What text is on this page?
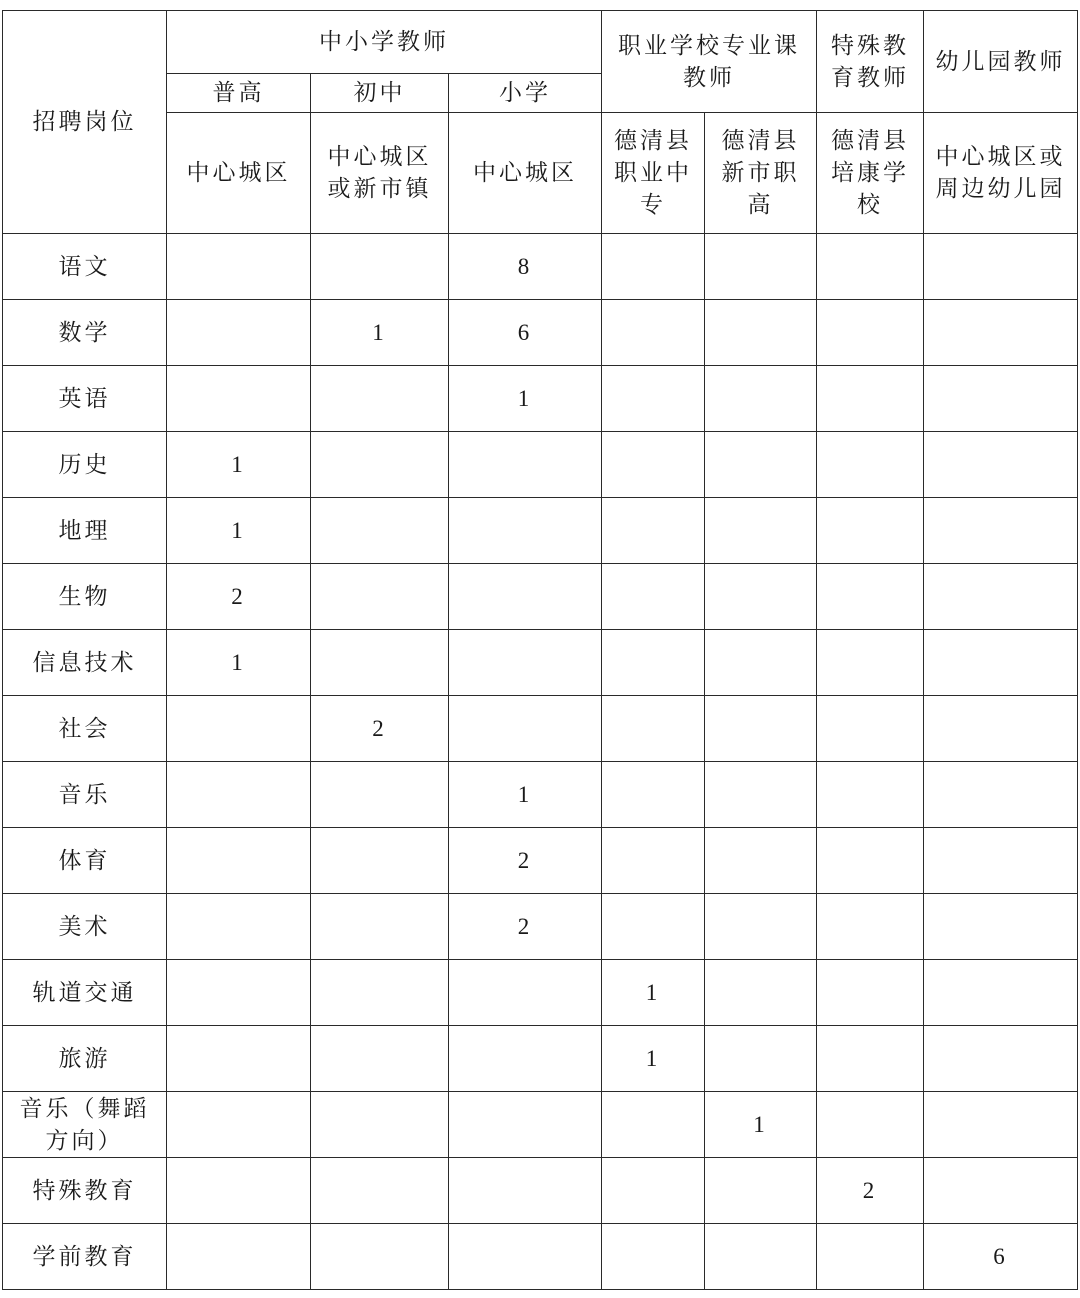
招聘岗位	中小学教师			职业学校专业课教师		特殊教育教师	幼儿园教师
	普高	初中	小学				
	中心城区	中心城区或新市镇	中心城区	德清县职业中专	德清县新市职高	德清县培康学校	中心城区或周边幼儿园
语文			8				
数学		1	6				
英语			1				
历史	1						
地理	1						
生物	2						
信息技术	1						
社会		2					
音乐			1				
体育			2				
美术			2				
轨道交通				1			
旅游				1			
音乐（舞蹈方向）					1		
特殊教育						2	
学前教育							6
